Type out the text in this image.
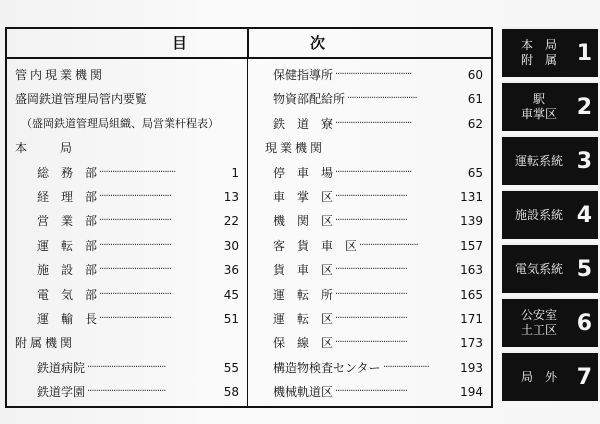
目	次
管内現業機関
盛岡鉄道管理局管内要覧
（盛岡鉄道管理局組織、局営業杆程表）
本　　局
総　務　部 ···································	1
経　理　部 ·································	13
営　業　部 ·································	22
運　転　部 ·································	30
施　設　部 ·································	36
電　気　部 ·································	45
運　輸　長 ·································	51
附属機関
鉄道病院 ····································	55
鉄道学園 ····································	58
保健指導所 ···································	60
物資部配給所 ································	61
鉄　道　寮 ···································	62
現業機関
停　車　場 ···································	65
車　掌　区 ·································	131
機　関　区 ·································	139
客　貨　車　区 ···························	157
貨　車　区 ·································	163
運　転　所 ·································	165
運　転　区 ·································	171
保　線　区 ·································	173
構造物検査センター ·····················	193
機械軌道区 ·································	194
本　局
附　属 1
駅
車掌区 2
運転系統 3
施設系統 4
電気系統 5
公安室
土工区 6
局　外 7
